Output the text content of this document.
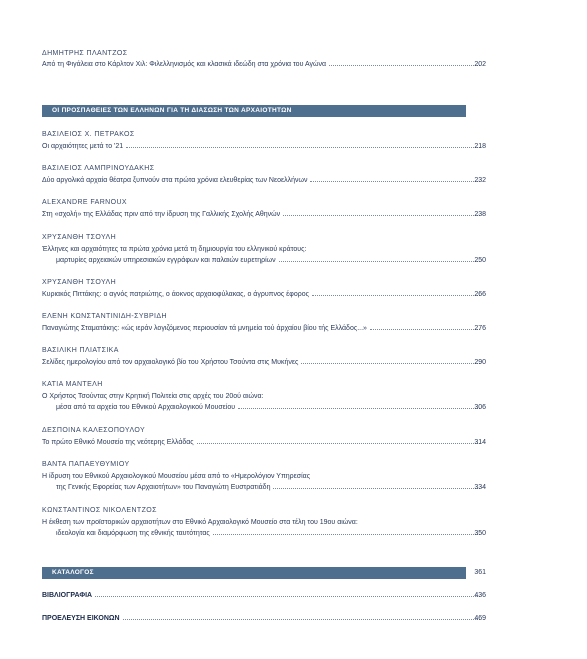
ΔΗΜΗΤΡΗΣ ΠΛΑΝΤΖΟΣ
Από τη Φιγάλεια στο Κάρλτον Χιλ: Φιλελληνισμός και κλασικά ιδεώδη στα χρόνια του Αγώνα	202
ΟΙ ΠΡΟΣΠΑΘΕΙΕΣ ΤΩΝ ΕΛΛΗΝΩΝ ΓΙΑ ΤΗ ΔΙΑΣΩΣΗ ΤΩΝ ΑΡΧΑΙΟΤΗΤΩΝ
ΒΑΣΙΛΕΙΟΣ Χ. ΠΕΤΡΑΚΟΣ
Οι αρχαιότητες μετά το '21	218
ΒΑΣΙΛΕΙΟΣ ΛΑΜΠΡΙΝΟΥΔΑΚΗΣ
Δύο αργολικά αρχαία θέατρα ξυπνούν στα πρώτα χρόνια ελευθερίας των Νεοελλήνων	232
ALEXANDRE FARNOUX
Στη «σχολή» της Ελλάδας πριν από την ίδρυση της Γαλλικής Σχολής Αθηνών	238
ΧΡΥΣΑΝΘΗ ΤΣΟΥΛΗ
Έλληνες και αρχαιότητες τα πρώτα χρόνια μετά τη δημιουργία του ελληνικού κράτους:
μαρτυρίες αρχειακών υπηρεσιακών εγγράφων και παλαιών ευρετηρίων	250
ΧΡΥΣΑΝΘΗ ΤΣΟΥΛΗ
Κυριακός Πιττάκης: ο αγνός πατριώτης, ο άοκνος αρχαιοφύλακας, ο άγρυπνος έφορος	266
ΕΛΕΝΗ ΚΩΝΣΤΑΝΤΙΝΙΔΗ-ΣΥΒΡΙΔΗ
Παναγιώτης Σταματάκης: «ώς ιεράν λογιζόμενος περιουσίαν τά μνημεία τού άρχαίου βίου τής Ελλάδος...»	276
ΒΑΣΙΛΙΚΗ ΠΛΙΑΤΣΙΚΑ
Σελίδες ημερολογίου από τον αρχαιολογικό βίο του Χρήστου Τσούντα στις Μυκήνες	290
ΚΑΤΙΑ ΜΑΝΤΕΛΗ
Ο Χρήστος Τσούντας στην Κρητική Πολιτεία στις αρχές του 20ού αιώνα:
μέσα από τα αρχεία του Εθνικού Αρχαιολογικού Μουσείου	306
ΔΕΣΠΟΙΝΑ ΚΑΛΕΣΟΠΟΥΛΟΥ
Το πρώτο Εθνικό Μουσείο της νεότερης Ελλάδας	314
ΒΑΝΤΑ ΠΑΠΑΕΥΘΥΜΙΟΥ
Η ίδρυση του Εθνικού Αρχαιολογικού Μουσείου μέσα από το «Ημερολόγιον Υπηρεσίας
της Γενικής Εφορείας των Αρχαιοτήτων» του Παναγιώτη Ευστρατιάδη	334
ΚΩΝΣΤΑΝΤΙΝΟΣ ΝΙΚΟΛΕΝΤΖΟΣ
Η έκθεση των προϊστορικών αρχαιοτήτων στο Εθνικό Αρχαιολογικό Μουσείο στα τέλη του 19ου αιώνα:
ιδεολογία και διαμόρφωση της εθνικής ταυτότητας	350
ΚΑΤΑΛΟΓΟΣ	361
ΒΙΒΛΙΟΓΡΑΦΙΑ	436
ΠΡΟΕΛΕΥΣΗ ΕΙΚΟΝΩΝ	469
